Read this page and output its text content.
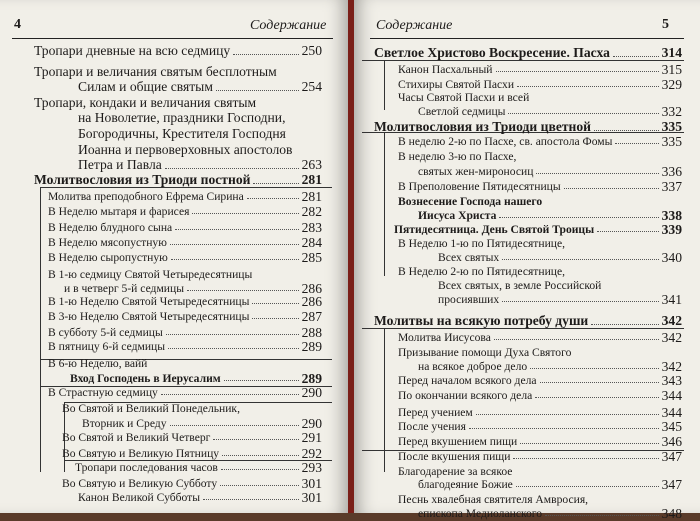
4	Содержание
Тропари дневные на всю седмицу	250
Тропари и величания святым бесплотным
Силам и общие святым	254
Тропари, кондаки и величания святым
на Новолетие, праздники Господни,
Богородичны, Крестителя Господня
Иоанна и первоверховных апостолов
Петра и Павла	263
Молитвословия из Триоди постной	281
Молитва преподобного Ефрема Сирина	281
В Неделю мытаря и фарисея	282
В Неделю блудного сына	283
В Неделю мясопустную	284
В Неделю сыропустную	285
В 1-ю седмицу Святой Четыредесятницы
и в четверг 5-й седмицы	286
В 1-ю Неделю Святой Четыредесятницы	286
В 3-ю Неделю Святой Четыредесятницы	287
В субботу 5-й седмицы	288
В пятницу 6-й седмицы	289
В 6-ю Неделю, вайй
Вход Господень в Иерусалим	289
В Страстную седмицу	290
Во Святой и Великий Понедельник,
Вторник и Среду	290
Во Святой и Великий Четверг	291
Во Святую и Великую Пятницу	292
Тропари последования часов	293
Во Святую и Великую Субботу	301
Канон Великой Субботы	301
5
Содержание
Светлое Христово Воскресение. Пасха	314
Канон Пасхальный	315
Стихиры Святой Пасхи	329
Часы Святой Пасхи и всей
Светлой седмицы	332
Молитвословия из Триоди цветной	335
В неделю 2-ю по Пасхе, св. апостола Фомы	335
В неделю 3-ю по Пасхе,
святых жен-мироносиц	336
В Преполовение Пятидесятницы	337
Вознесение Господа нашего
Иисуса Христа	338
Пятидесятница. День Святой Троицы	339
В Неделю 1-ю по Пятидесятнице,
Всех святых	340
В Неделю 2-ю по Пятидесятнице,
Всех святых, в земле Российской
просиявших	341
Молитвы на всякую потребу души	342
Молитва Иисусова	342
Призывание помощи Духа Святого
на всякое доброе дело	342
Перед началом всякого дела	343
По окончании всякого дела	344
Перед учением	344
После учения	345
Перед вкушением пищи	346
После вкушения пищи	347
Благодарение за всякое
благодеяние Божие	347
Песнь хвалебная святителя Амвросия,
епископа Медиоланского	348
